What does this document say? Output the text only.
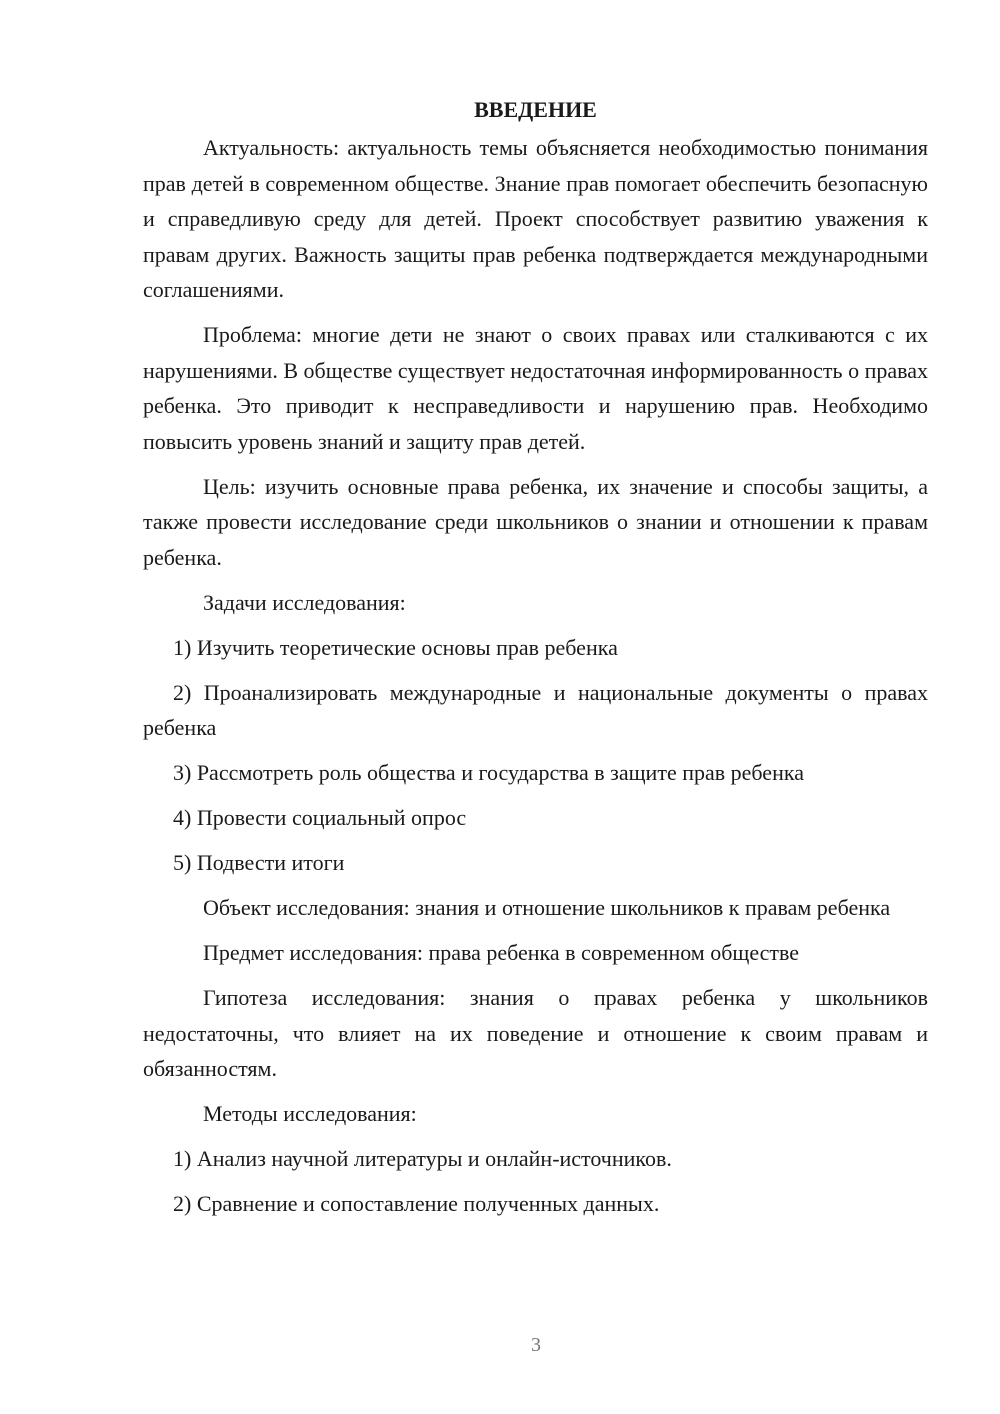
ВВЕДЕНИЕ

Актуальность: актуальность темы объясняется необходимостью понимания прав детей в современном обществе. Знание прав помогает обеспечить безопасную и справедливую среду для детей. Проект способствует развитию уважения к правам других. Важность защиты прав ребенка подтверждается международными соглашениями.

Проблема: многие дети не знают о своих правах или сталкиваются с их нарушениями. В обществе существует недостаточная информированность о правах ребенка. Это приводит к несправедливости и нарушению прав. Необходимо повысить уровень знаний и защиту прав детей.

Цель: изучить основные права ребенка, их значение и способы защиты, а также провести исследование среди школьников о знании и отношении к правам ребенка.

Задачи исследования:

1) Изучить теоретические основы прав ребенка

2) Проанализировать международные и национальные документы о правах ребенка

3) Рассмотреть роль общества и государства в защите прав ребенка

4) Провести социальный опрос

5) Подвести итоги

Объект исследования: знания и отношение школьников к правам ребенка

Предмет исследования: права ребенка в современном обществе

Гипотеза исследования: знания о правах ребенка у школьников недостаточны, что влияет на их поведение и отношение к своим правам и обязанностям.

Методы исследования:

1) Анализ научной литературы и онлайн-источников.

2) Сравнение и сопоставление полученных данных.

3
